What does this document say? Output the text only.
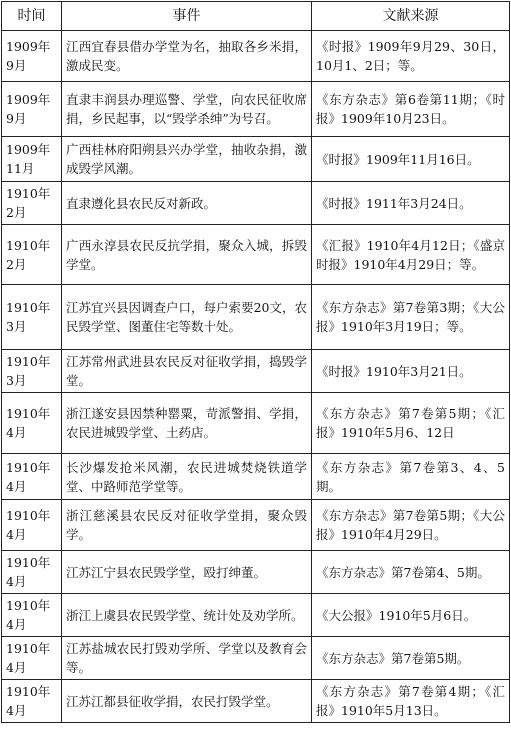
时间	事件	文献来源
1909年9月	江西宜春县借办学堂为名，抽取各乡米捐，激成民变。	《时报》1909年9月29、30日，10月1、2日；等。
1909年9月	直隶丰润县办理巡警、学堂，向农民征收席捐，乡民起事，以“毁学杀绅”为号召。	《东方杂志》第6卷第11期；《时报》1909年10月23日。
1909年11月	广西桂林府阳朔县兴办学堂，抽收杂捐，激成毁学风潮。	《时报》1909年11月16日。
1910年2月	直隶遵化县农民反对新政。	《时报》1911年3月24日。
1910年2月	广西永淳县农民反抗学捐，聚众入城，拆毁学堂。	《汇报》1910年4月12日；《盛京时报》1910年4月29日；等。
1910年3月	江苏宜兴县因调查户口，每户索要20文，农民毁学堂、图董住宅等数十处。	《东方杂志》第7卷第3期；《大公报》1910年3月19日；等。
1910年3月	江苏常州武进县农民反对征收学捐，捣毁学堂。	《时报》1910年3月21日。
1910年4月	浙江遂安县因禁种罂粟，苛派警捐、学捐，农民进城毁学堂、土药店。	《东方杂志》第7卷第5期；《汇报》1910年5月6、12日
1910年4月	长沙爆发抢米风潮，农民进城焚烧铁道学堂、中路师范学堂等。	《东方杂志》第7卷第3、4、5期。
1910年4月	浙江慈溪县农民反对征收学堂捐，聚众毁学。	《东方杂志》第7卷第5期；《大公报》1910年4月29日。
1910年4月	江苏江宁县农民毁学堂，殴打绅董。	《东方杂志》第7卷第4、5期。
1910年4月	浙江上虞县农民毁学堂、统计处及劝学所。	《大公报》1910年5月6日。
1910年4月	江苏盐城农民打毁劝学所、学堂以及教育会等。	《东方杂志》第7卷第5期。
1910年4月	江苏江都县征收学捐，农民打毁学堂。	《东方杂志》第7卷第4期；《汇报》1910年5月13日。
